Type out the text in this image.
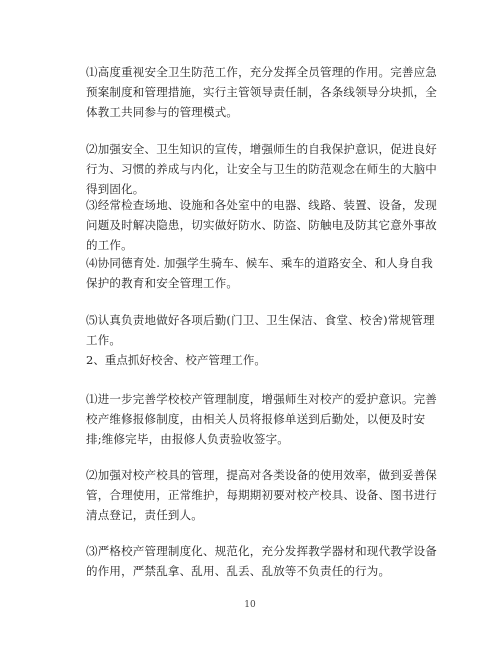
⑴高度重视安全卫生防范工作，充分发挥全员管理的作用。完善应急预案制度和管理措施，实行主管领导责任制，各条线领导分块抓，全体教工共同参与的管理模式。

⑵加强安全、卫生知识的宣传，增强师生的自我保护意识，促进良好行为、习惯的养成与内化，让安全与卫生的防范观念在师生的大脑中得到固化。

⑶经常检查场地、设施和各处室中的电器、线路、装置、设备，发现问题及时解决隐患，切实做好防水、防盗、防触电及防其它意外事故的工作。

⑷协同德育处. 加强学生骑车、候车、乘车的道路安全、和人身自我保护的教育和安全管理工作。

⑸认真负责地做好各项后勤(门卫、卫生保洁、食堂、校舍)常规管理工作。

2、重点抓好校舍、校产管理工作。

⑴进一步完善学校校产管理制度，增强师生对校产的爱护意识。完善校产维修报修制度，由相关人员将报修单送到后勤处，以便及时安排;维修完毕，由报修人负责验收签字。

⑵加强对校产校具的管理，提高对各类设备的使用效率，做到妥善保管，合理使用，正常维护，每期期初要对校产校具、设备、图书进行清点登记，责任到人。

⑶严格校产管理制度化、规范化，充分发挥教学器材和现代教学设备的作用，严禁乱拿、乱用、乱丢、乱放等不负责任的行为。

10
